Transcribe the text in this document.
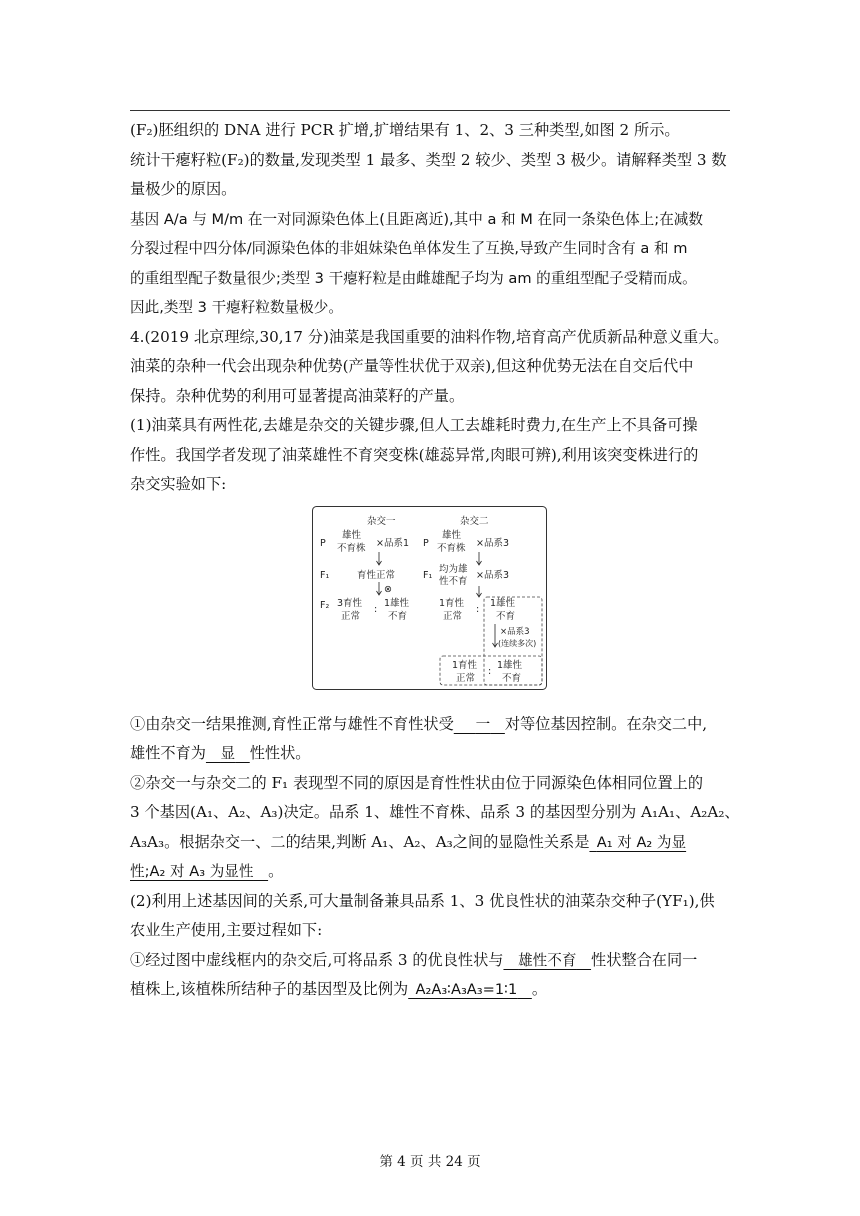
(F₂)胚组织的 DNA 进行 PCR 扩增,扩增结果有 1、2、3 三种类型,如图 2 所示。

统计干瘪籽粒(F₂)的数量,发现类型 1 最多、类型 2 较少、类型 3 极少。请解释类型 3 数

量极少的原因。

基因 A/a 与 M/m 在一对同源染色体上(且距离近),其中 a 和 M 在同一条染色体上;在减数

分裂过程中四分体/同源染色体的非姐妹染色单体发生了互换,导致产生同时含有 a 和 m

的重组型配子数量很少;类型 3 干瘪籽粒是由雌雄配子均为 am 的重组型配子受精而成。

因此,类型 3 干瘪籽粒数量极少。

4.(2019 北京理综,30,17 分)油菜是我国重要的油料作物,培育高产优质新品种意义重大。

油菜的杂种一代会出现杂种优势(产量等性状优于双亲),但这种优势无法在自交后代中

保持。杂种优势的利用可显著提高油菜籽的产量。

(1)油菜具有两性花,去雄是杂交的关键步骤,但人工去雄耗时费力,在生产上不具备可操

作性。我国学者发现了油菜雄性不育突变株(雄蕊异常,肉眼可辨),利用该突变株进行的

杂交实验如下:

杂交一	杂交二
P
雄性
不育株 ×品系1 P
雄性
不育株 ×品系3
F₁	育性正常
⊗
F₁
均为雄
性不育
×品系3
F₂ 3育性
正常
:
1雄性
不育
1育性
正常
:
1雄性
不育
×品系3
(连续多次)
1育性
正常
:
1雄性
不育

①由杂交一结果推测,育性正常与雄性不育性状受   一  对等位基因控制。在杂交二中,

雄性不育为   显   性性状。

②杂交一与杂交二的 F₁ 表现型不同的原因是育性性状由位于同源染色体相同位置上的

3 个基因(A₁、A₂、A₃)决定。品系 1、雄性不育株、品系 3 的基因型分别为 A₁A₁、A₂A₂、

A₃A₃。根据杂交一、二的结果,判断 A₁、A₂、A₃之间的显隐性关系是  A₁ 对 A₂ 为显

性;A₂ 对 A₃ 为显性   。

(2)利用上述基因间的关系,可大量制备兼具品系 1、3 优良性状的油菜杂交种子(YF₁),供

农业生产使用,主要过程如下:

①经过图中虚线框内的杂交后,可将品系 3 的优良性状与   雄性不育  性状整合在同一

植株上,该植株所结种子的基因型及比例为  A₂A₃∶A₃A₃=1∶1   。

第 4 页 共 24 页
